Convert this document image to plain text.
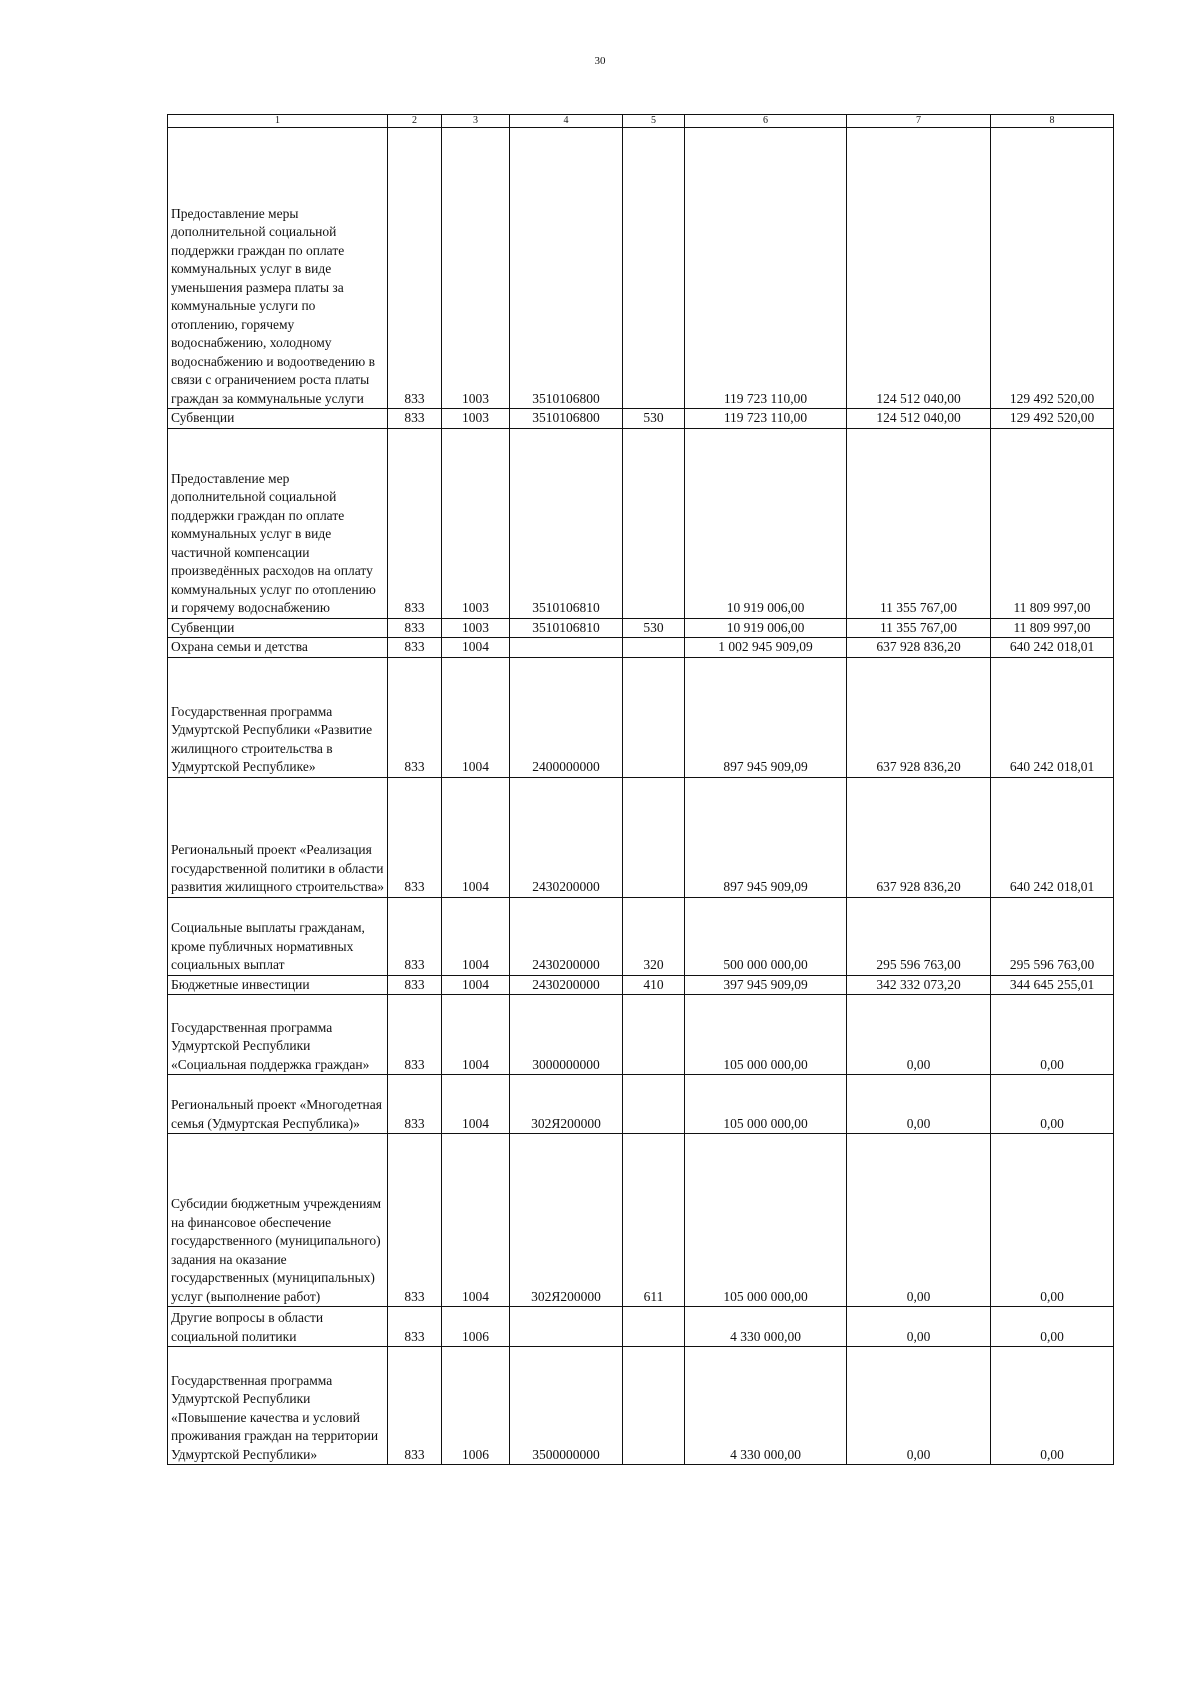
30
1	2	3	4	5	6	7	8
Предоставление меры дополнительной социальной поддержки граждан по оплате коммунальных услуг в виде уменьшения размера платы за коммунальные услуги по отоплению, горячему водоснабжению, холодному водоснабжению и водоотведению в связи с ограничением роста платы граждан за коммунальные услуги	833	1003	3510106800		119 723 110,00	124 512 040,00	129 492 520,00
Субвенции	833	1003	3510106800	530	119 723 110,00	124 512 040,00	129 492 520,00
Предоставление мер дополнительной социальной поддержки граждан по оплате коммунальных услуг в виде частичной компенсации произведённых расходов на оплату коммунальных услуг по отоплению и горячему водоснабжению	833	1003	3510106810		10 919 006,00	11 355 767,00	11 809 997,00
Субвенции	833	1003	3510106810	530	10 919 006,00	11 355 767,00	11 809 997,00
Охрана семьи и детства	833	1004			1 002 945 909,09	637 928 836,20	640 242 018,01
Государственная программа Удмуртской Республики «Развитие жилищного строительства в Удмуртской Республике»	833	1004	2400000000		897 945 909,09	637 928 836,20	640 242 018,01
Региональный проект «Реализация государственной политики в области развития жилищного строительства»	833	1004	2430200000		897 945 909,09	637 928 836,20	640 242 018,01
Социальные выплаты гражданам, кроме публичных нормативных социальных выплат	833	1004	2430200000	320	500 000 000,00	295 596 763,00	295 596 763,00
Бюджетные инвестиции	833	1004	2430200000	410	397 945 909,09	342 332 073,20	344 645 255,01
Государственная программа Удмуртской Республики «Социальная поддержка граждан»	833	1004	3000000000		105 000 000,00	0,00	0,00
Региональный проект «Многодетная семья (Удмуртская Республика)»	833	1004	302Я200000		105 000 000,00	0,00	0,00
Субсидии бюджетным учреждениям на финансовое обеспечение государственного (муниципального) задания на оказание государственных (муниципальных) услуг (выполнение работ)	833	1004	302Я200000	611	105 000 000,00	0,00	0,00
Другие вопросы в области социальной политики	833	1006			4 330 000,00	0,00	0,00
Государственная программа Удмуртской Республики «Повышение качества и условий проживания граждан на территории Удмуртской Республики»	833	1006	3500000000		4 330 000,00	0,00	0,00
